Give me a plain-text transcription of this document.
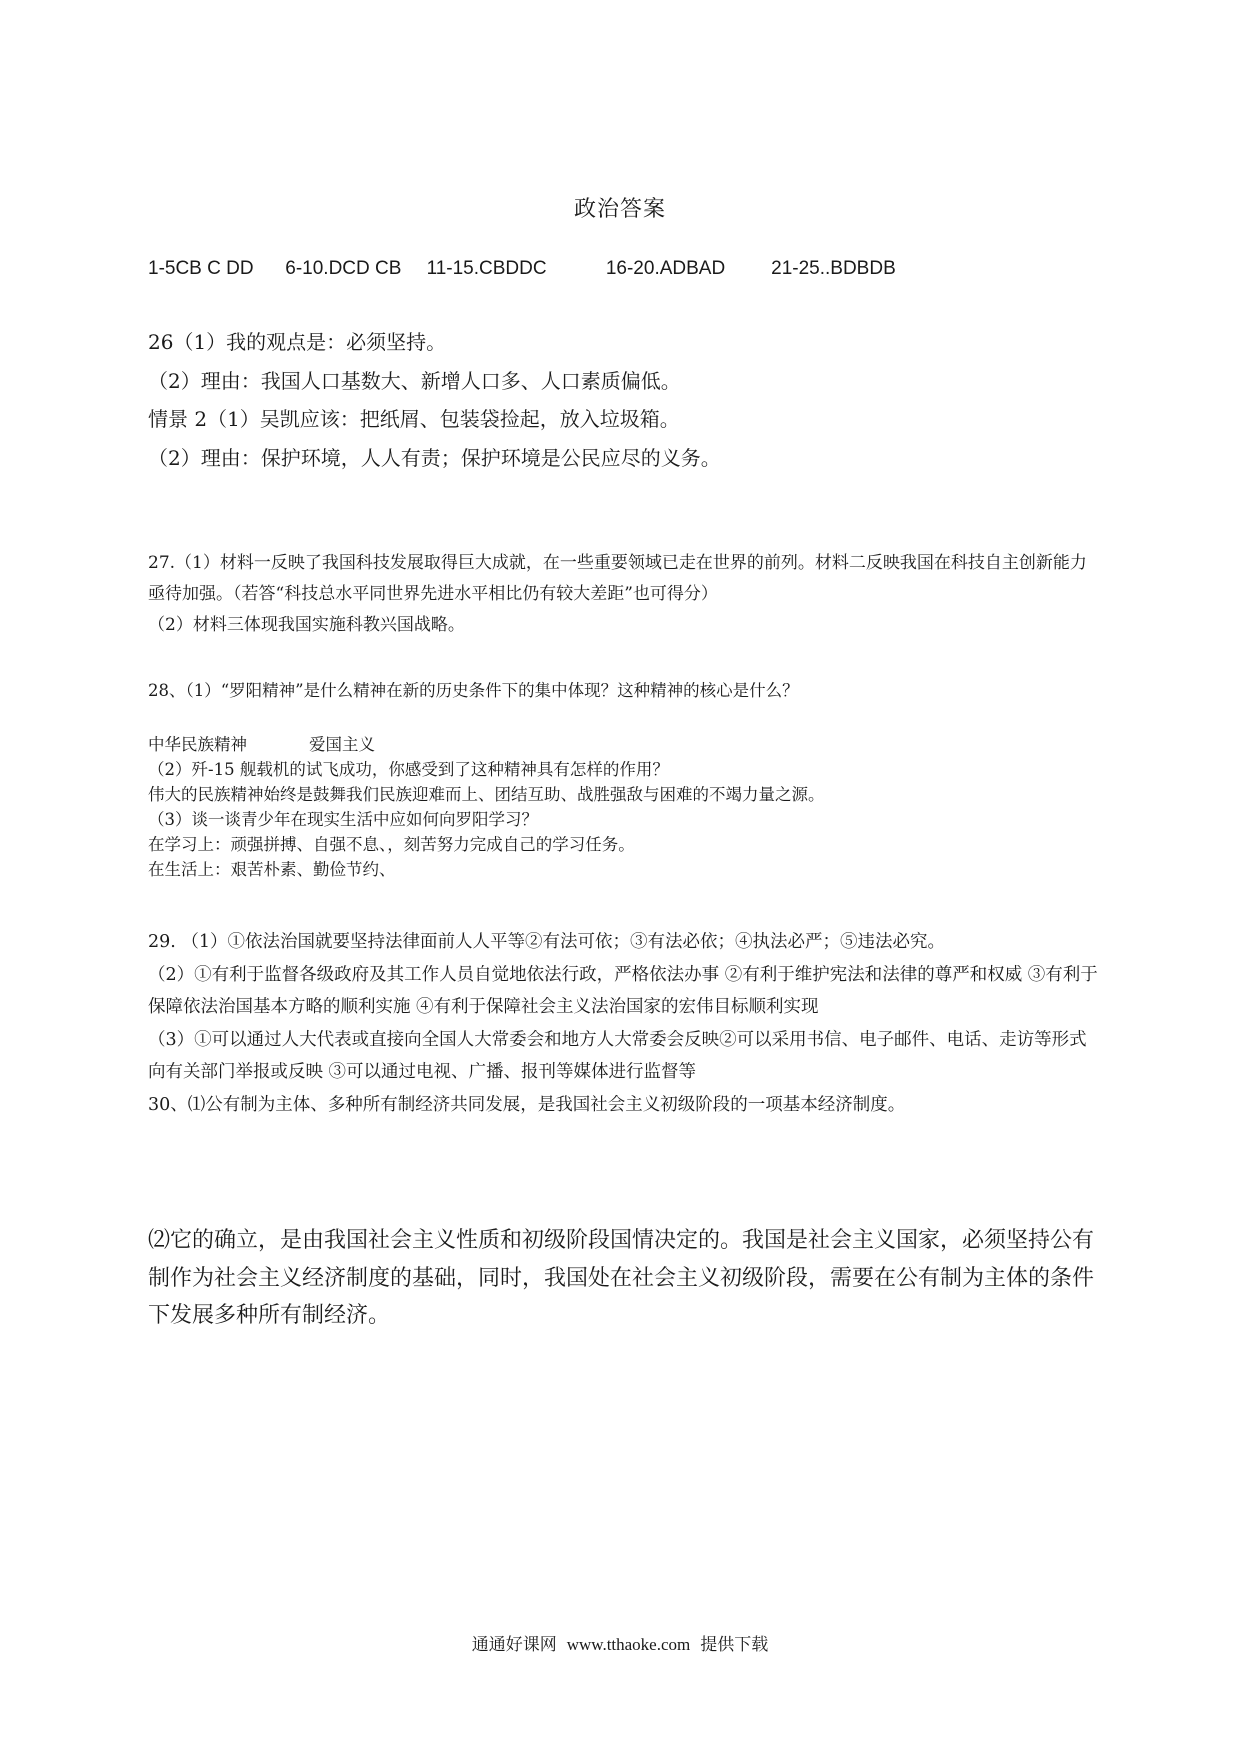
政治答案
1-5CB C DD 6-10.DCD CB 11-15.CBDDC	16-20.ADBAD 21-25..BDBDB
26（1）我的观点是：必须坚持。
（2）理由：我国人口基数大、新增人口多、人口素质偏低。
情景 2（1）吴凯应该：把纸屑、包装袋捡起，放入垃圾箱。
（2）理由：保护环境，人人有责；保护环境是公民应尽的义务。
27.（1）材料一反映了我国科技发展取得巨大成就，在一些重要领域已走在世界的前列。材料二反映我国在科技自主创新能力亟待加强。（若答“科技总水平同世界先进水平相比仍有较大差距”也可得分）
（2）材料三体现我国实施科教兴国战略。
28、（1）“罗阳精神”是什么精神在新的历史条件下的集中体现？这种精神的核心是什么？
中华民族精神	爱国主义
（2）歼-15 舰载机的试飞成功，你感受到了这种精神具有怎样的作用？
伟大的民族精神始终是鼓舞我们民族迎难而上、团结互助、战胜强敌与困难的不竭力量之源。
（3）谈一谈青少年在现实生活中应如何向罗阳学习？
在学习上：顽强拼搏、自强不息、，刻苦努力完成自己的学习任务。
在生活上：艰苦朴素、勤俭节约、
29. （1）①依法治国就要坚持法律面前人人平等②有法可依；③有法必依；④执法必严；⑤违法必究。
（2）①有利于监督各级政府及其工作人员自觉地依法行政，严格依法办事 ②有利于维护宪法和法律的尊严和权威 ③有利于保障依法治国基本方略的顺利实施 ④有利于保障社会主义法治国家的宏伟目标顺利实现
（3）①可以通过人大代表或直接向全国人大常委会和地方人大常委会反映②可以采用书信、电子邮件、电话、走访等形式向有关部门举报或反映 ③可以通过电视、广播、报刊等媒体进行监督等
30、⑴公有制为主体、多种所有制经济共同发展，是我国社会主义初级阶段的一项基本经济制度。
⑵它的确立，是由我国社会主义性质和初级阶段国情决定的。我国是社会主义国家，必须坚持公有制作为社会主义经济制度的基础，同时，我国处在社会主义初级阶段，需要在公有制为主体的条件下发展多种所有制经济。
通通好课网 www.tthaoke.com 提供下载
